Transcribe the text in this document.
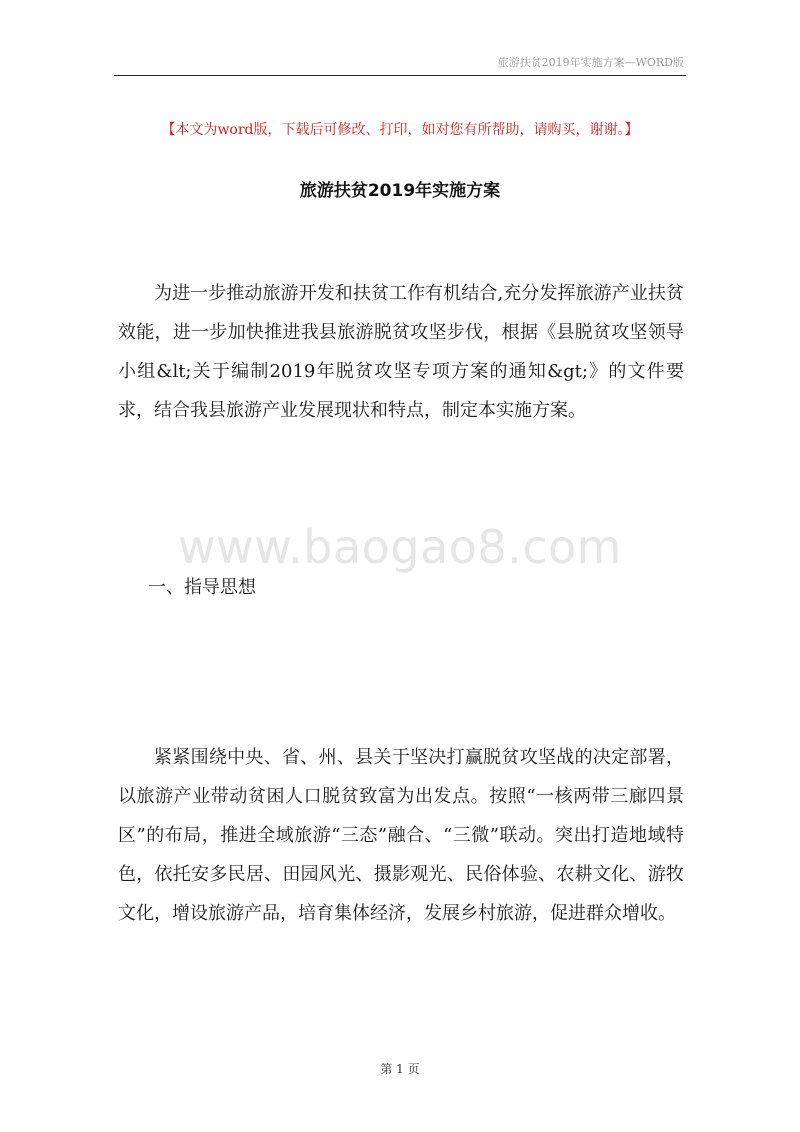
旅游扶贫2019年实施方案—WORD版
【本文为word版，下载后可修改、打印，如对您有所帮助，请购买，谢谢。】
旅游扶贫2019年实施方案
为进一步推动旅游开发和扶贫工作有机结合,充分发挥旅游产业扶贫效能，进一步加快推进我县旅游脱贫攻坚步伐，根据《县脱贫攻坚领导小组&lt;关于编制2019年脱贫攻坚专项方案的通知&gt;》的文件要求，结合我县旅游产业发展现状和特点，制定本实施方案。
www.baogao8.com
一、指导思想
紧紧围绕中央、省、州、县关于坚决打赢脱贫攻坚战的决定部署，以旅游产业带动贫困人口脱贫致富为出发点。按照“一核两带三廊四景区”的布局，推进全域旅游“三态”融合、“三微”联动。突出打造地域特色，依托安多民居、田园风光、摄影观光、民俗体验、农耕文化、游牧文化，增设旅游产品，培育集体经济，发展乡村旅游，促进群众增收。
第 1 页
